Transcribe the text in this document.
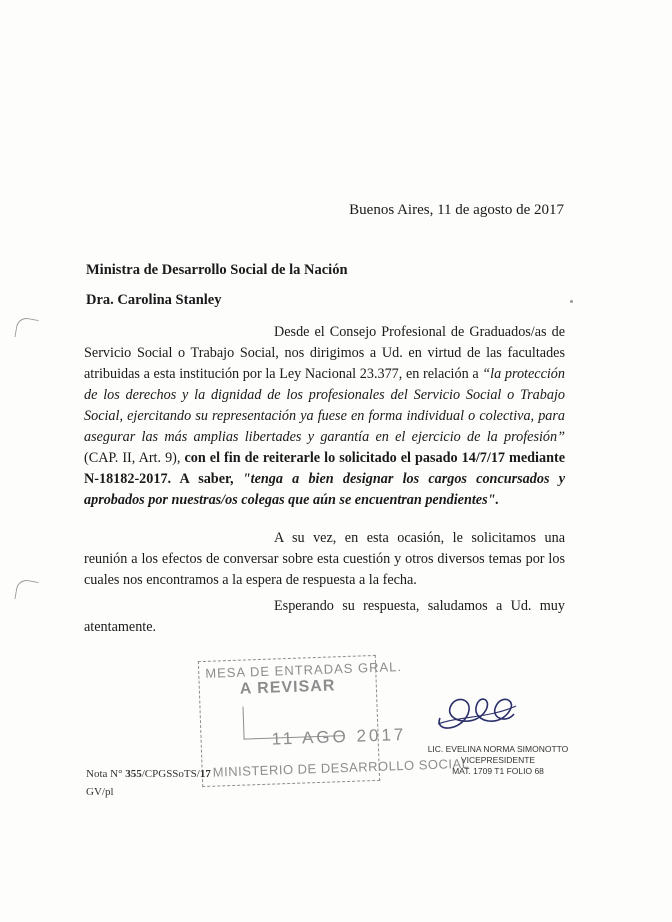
Buenos Aires, 11 de agosto de 2017
Ministra de Desarrollo Social de la Nación
Dra. Carolina Stanley

Desde el Consejo Profesional de Graduados/as de Servicio Social o Trabajo Social, nos dirigimos a Ud. en virtud de las facultades atribuidas a esta institución por la Ley Nacional 23.377, en relación a “la protección de los derechos y la dignidad de los profesionales del Servicio Social o Trabajo Social, ejercitando su representación ya fuese en forma individual o colectiva, para asegurar las más amplias libertades y garantía en el ejercicio de la profesión” (CAP. II, Art. 9), con el fin de reiterarle lo solicitado el pasado 14/7/17 mediante N-18182-2017. A saber, "tenga a bien designar los cargos concursados y aprobados por nuestras/os colegas que aún se encuentran pendientes".

A su vez, en esta ocasión, le solicitamos una reunión a los efectos de conversar sobre esta cuestión y otros diversos temas por los cuales nos encontramos a la espera de respuesta a la fecha.

Esperando su respuesta, saludamos a Ud. muy atentamente.

MESA DE ENTRADAS GRAL.
A REVISAR
11 AGO 2017
MINISTERIO DE DESARROLLO SOCIAL
LIC. EVELINA NORMA SIMONOTTO
VICEPRESIDENTE
MAT. 1709 T1 FOLIO 68
Nota N° 355/CPGSSoTS/17
GV/pl
